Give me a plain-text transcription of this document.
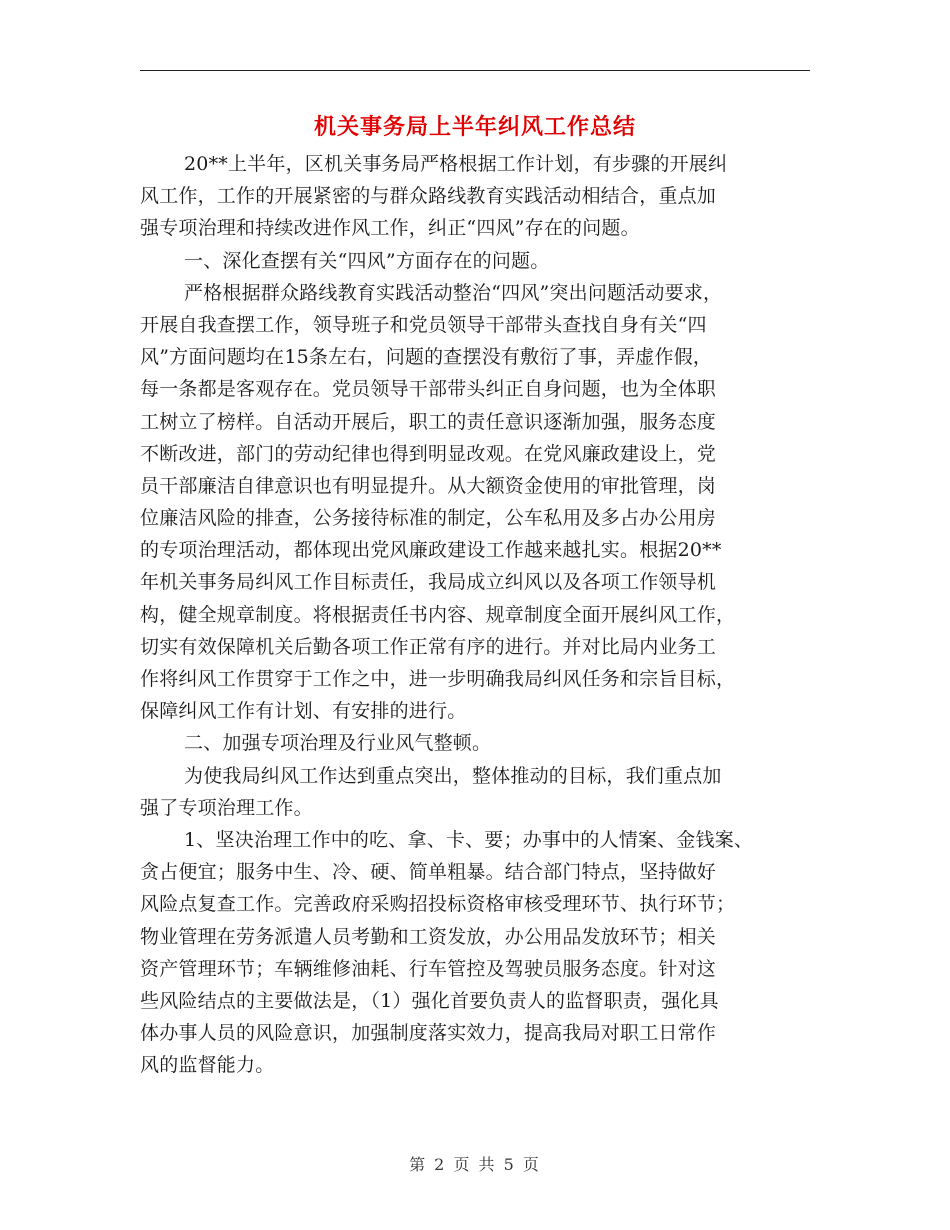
机关事务局上半年纠风工作总结
20**上半年，区机关事务局严格根据工作计划，有步骤的开展纠
风工作，工作的开展紧密的与群众路线教育实践活动相结合，重点加
强专项治理和持续改进作风工作，纠正“四风”存在的问题。
一、深化查摆有关“四风”方面存在的问题。
严格根据群众路线教育实践活动整治“四风”突出问题活动要求，
开展自我查摆工作，领导班子和党员领导干部带头查找自身有关“四
风”方面问题均在15条左右，问题的查摆没有敷衍了事，弄虚作假，
每一条都是客观存在。党员领导干部带头纠正自身问题，也为全体职
工树立了榜样。自活动开展后，职工的责任意识逐渐加强，服务态度
不断改进，部门的劳动纪律也得到明显改观。在党风廉政建设上，党
员干部廉洁自律意识也有明显提升。从大额资金使用的审批管理，岗
位廉洁风险的排查，公务接待标准的制定，公车私用及多占办公用房
的专项治理活动，都体现出党风廉政建设工作越来越扎实。根据20**
年机关事务局纠风工作目标责任，我局成立纠风以及各项工作领导机
构，健全规章制度。将根据责任书内容、规章制度全面开展纠风工作，
切实有效保障机关后勤各项工作正常有序的进行。并对比局内业务工
作将纠风工作贯穿于工作之中，进一步明确我局纠风任务和宗旨目标，
保障纠风工作有计划、有安排的进行。
二、加强专项治理及行业风气整顿。
为使我局纠风工作达到重点突出，整体推动的目标，我们重点加
强了专项治理工作。
1、坚决治理工作中的吃、拿、卡、要；办事中的人情案、金钱案、
贪占便宜；服务中生、冷、硬、简单粗暴。结合部门特点，坚持做好
风险点复查工作。完善政府采购招投标资格审核受理环节、执行环节；
物业管理在劳务派遣人员考勤和工资发放，办公用品发放环节；相关
资产管理环节；车辆维修油耗、行车管控及驾驶员服务态度。针对这
些风险结点的主要做法是，（1）强化首要负责人的监督职责，强化具
体办事人员的风险意识，加强制度落实效力，提高我局对职工日常作
风的监督能力。
第 2 页 共 5 页
